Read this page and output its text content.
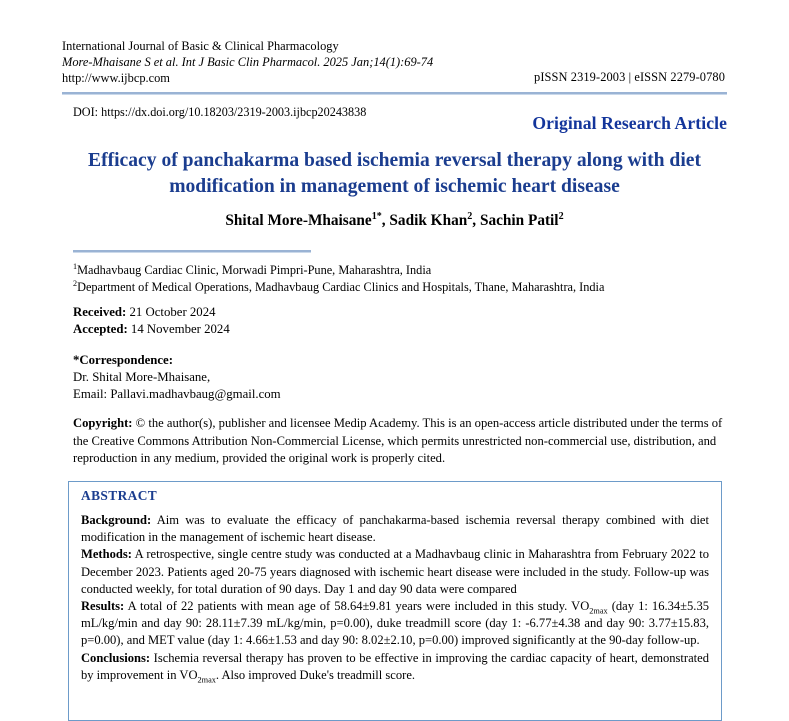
International Journal of Basic & Clinical Pharmacology
More-Mhaisane S et al. Int J Basic Clin Pharmacol. 2025 Jan;14(1):69-74
http://www.ijbcp.com	pISSN 2319-2003 | eISSN 2279-0780
DOI: https://dx.doi.org/10.18203/2319-2003.ijbcp20243838
Original Research Article
Efficacy of panchakarma based ischemia reversal therapy along with diet modification in management of ischemic heart disease
Shital More-Mhaisane$^{1*}$, Sadik Khan$^2$, Sachin Patil$^2$
$^1$Madhavbaug Cardiac Clinic, Morwadi Pimpri-Pune, Maharashtra, India
$^2$Department of Medical Operations, Madhavbaug Cardiac Clinics and Hospitals, Thane, Maharashtra, India
Received: 21 October 2024
Accepted: 14 November 2024
*Correspondence:
Dr. Shital More-Mhaisane,
Email: Pallavi.madhavbaug@gmail.com
Copyright: © the author(s), publisher and licensee Medip Academy. This is an open-access article distributed under the terms of the Creative Commons Attribution Non-Commercial License, which permits unrestricted non-commercial use, distribution, and reproduction in any medium, provided the original work is properly cited.
ABSTRACT

Background: Aim was to evaluate the efficacy of panchakarma-based ischemia reversal therapy combined with diet modification in the management of ischemic heart disease.

Methods: A retrospective, single centre study was conducted at a Madhavbaug clinic in Maharashtra from February 2022 to December 2023. Patients aged 20-75 years diagnosed with ischemic heart disease were included in the study. Follow-up was conducted weekly, for total duration of 90 days. Day 1 and day 90 data were compared

Results: A total of 22 patients with mean age of 58.64±9.81 years were included in this study. $VO_{2max}$ (day 1: 16.34±5.35 mL/kg/min and day 90: 28.11±7.39 mL/kg/min, p=0.00), duke treadmill score (day 1: -6.77±4.38 and day 90: 3.77±15.83, p=0.00), and MET value (day 1: 4.66±1.53 and day 90: 8.02±2.10, p=0.00) improved significantly at the 90-day follow-up.

Conclusions: Ischemia reversal therapy has proven to be effective in improving the cardiac capacity of heart, demonstrated by improvement in $VO_{2max}$. Also improved Duke's treadmill score.
